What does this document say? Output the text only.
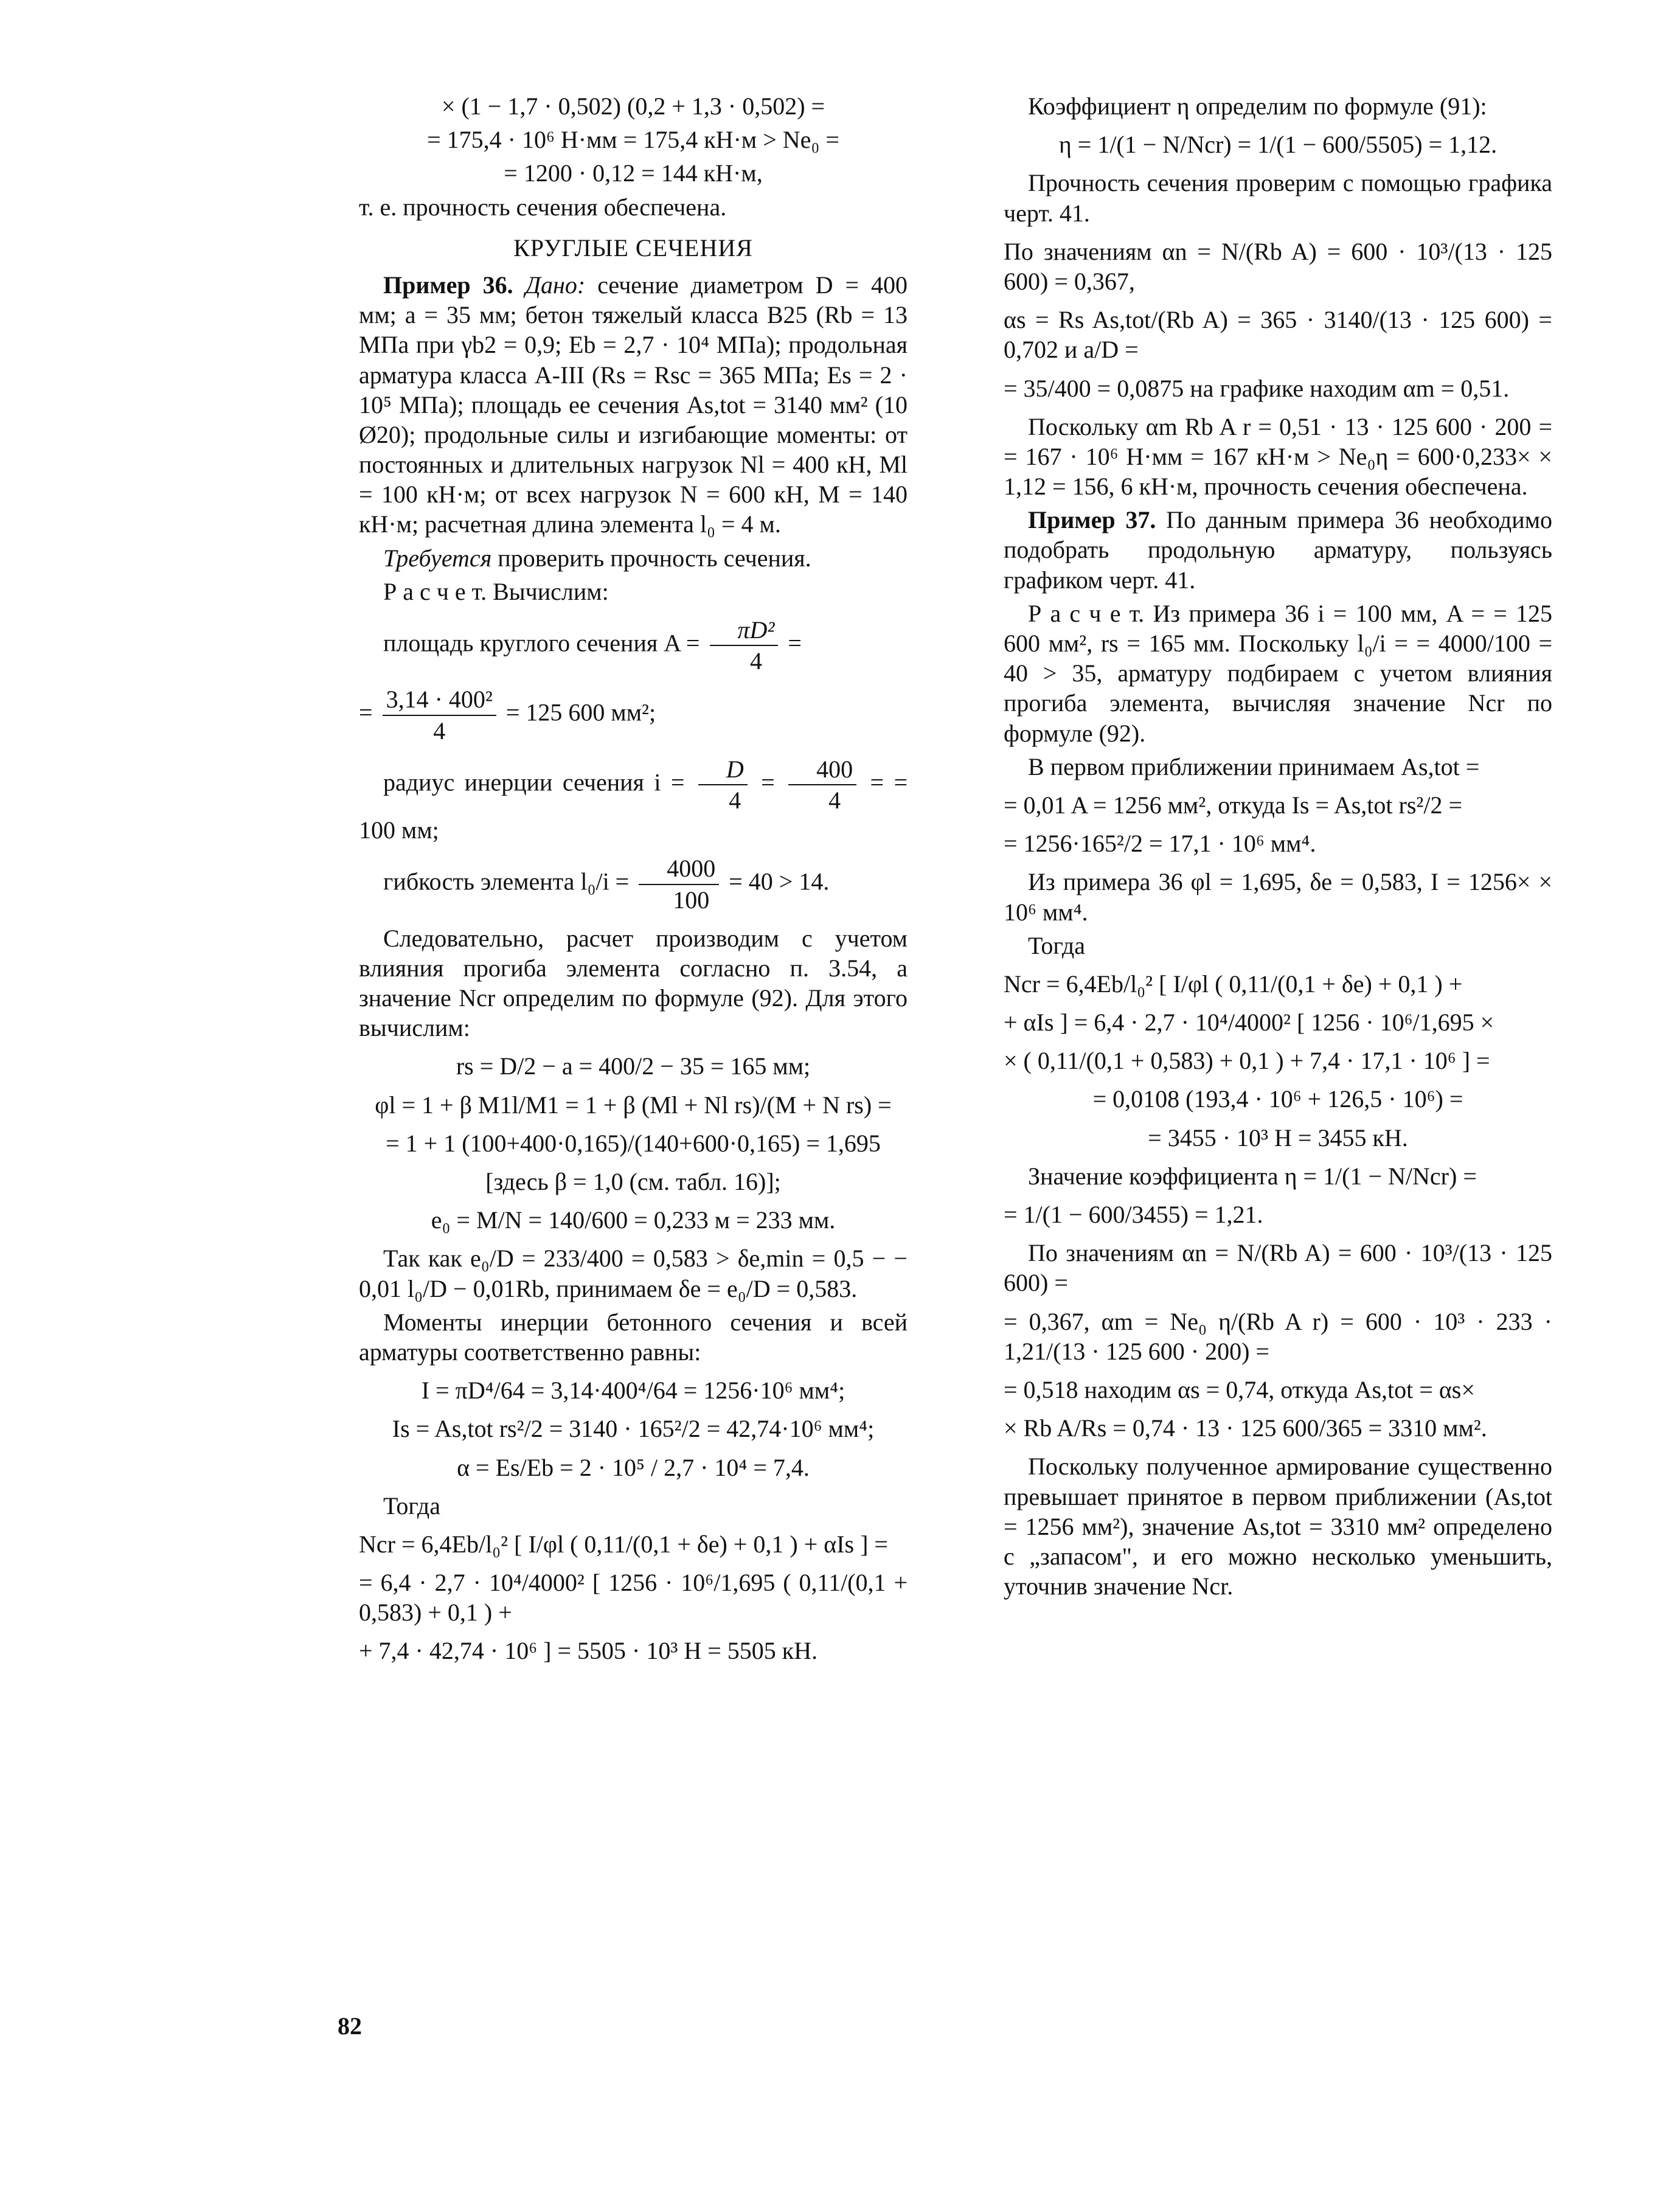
× (1 − 1,7 · 0,502) (0,2 + 1,3 · 0,502) =

= 175,4 · 10⁶ Н·мм = 175,4 кН·м > Ne₀ =

= 1200 · 0,12 = 144 кН·м,

т. е. прочность сечения обеспечена.

КРУГЛЫЕ СЕЧЕНИЯ

Пример 36. Дано: сечение диаметром D = 400 мм; a = 35 мм; бетон тяжелый класса В25 (Rb = 13 МПа при γb2 = 0,9; Eb = 2,7 · 10⁴ МПа); продольная арматура класса А-III (Rs = Rsc = 365 МПа; Es = 2 · 10⁵ МПа); площадь ее сечения As,tot = 3140 мм² (10 Ø20); продольные силы и изгибающие моменты: от постоянных и длительных нагрузок Nl = 400 кН, Ml = 100 кН·м; от всех нагрузок N = 600 кН, M = 140 кН·м; расчетная длина элемента l₀ = 4 м.

Требуется проверить прочность сечения.

Р а с ч е т. Вычислим:

площадь круглого сечения $A = \frac{\text{πD²}}{4}$ =

= $\frac{\text{3,14 · 400²}}{4} = 125$ 600 мм²;

радиус инерции сечения $i = \frac{D}{4} = \frac{400}{4}$ = = 100 мм;

гибкость элемента $l_0/i = \frac{4000}{100} = 40 > 14$.

Следовательно, расчет производим с учетом влияния прогиба элемента согласно п. 3.54, а значение Ncr определим по формуле (92). Для этого вычислим:

rs = D/2 − a = 400/2 − 35 = 165 мм;

φl = 1 + β M1l/M1 = 1 + β (Ml + Nl rs)/(M + N rs) =

= 1 + 1 (100+400·0,165)/(140+600·0,165) = 1,695

[здесь β = 1,0 (см. табл. 16)];

e₀ = M/N = 140/600 = 0,233 м = 233 мм.

Так как e₀/D = 233/400 = 0,583 > δe,min = 0,5 − − 0,01 l₀/D − 0,01Rb, принимаем δe = e₀/D = 0,583.

Моменты инерции бетонного сечения и всей арматуры соответственно равны:

I = πD⁴/64 = 3,14·400⁴/64 = 1256·10⁶ мм⁴;

Is = As,tot rs²/2 = 3140 · 165²/2 = 42,74·10⁶ мм⁴;

α = Es/Eb = 2 · 10⁵ / 2,7 · 10⁴ = 7,4.

Тогда

Ncr = 6,4Eb/l₀² [ I/φl ( 0,11/(0,1 + δe) + 0,1 ) + αIs ] =

= 6,4 · 2,7 · 10⁴/4000² [ 1256 · 10⁶/1,695 ( 0,11/(0,1 + 0,583) + 0,1 ) +

+ 7,4 · 42,74 · 10⁶ ] = 5505 · 10³ Н = 5505 кН.

Коэффициент η определим по формуле (91):

η = 1/(1 − N/Ncr) = 1/(1 − 600/5505) = 1,12.

Прочность сечения проверим с помощью графика черт. 41.

По значениям αn = N/(Rb A) = 600 · 10³/(13 · 125 600) = 0,367,

αs = Rs As,tot/(Rb A) = 365 · 3140/(13 · 125 600) = 0,702 и a/D =

= 35/400 = 0,0875 на графике находим αm = 0,51.

Поскольку αm Rb A r = 0,51 · 13 · 125 600 · 200 = = 167 · 10⁶ Н·мм = 167 кН·м > Ne₀η = 600·0,233× × 1,12 = 156, 6 кН·м, прочность сечения обеспечена.

Пример 37. По данным примера 36 необходимо подобрать продольную арматуру, пользуясь графиком черт. 41.

Р а с ч е т. Из примера 36 i = 100 мм, A = = 125 600 мм², rs = 165 мм. Поскольку l₀/i = = 4000/100 = 40 > 35, арматуру подбираем с учетом влияния прогиба элемента, вычисляя значение Ncr по формуле (92).

В первом приближении принимаем As,tot =

= 0,01 A = 1256 мм², откуда Is = As,tot rs²/2 =

= 1256·165²/2 = 17,1 · 10⁶ мм⁴.

Из примера 36 φl = 1,695, δe = 0,583, I = 1256× × 10⁶ мм⁴.

Тогда

Ncr = 6,4Eb/l₀² [ I/φl ( 0,11/(0,1 + δe) + 0,1 ) +

+ αIs ] = 6,4 · 2,7 · 10⁴/4000² [ 1256 · 10⁶/1,695 ×

× ( 0,11/(0,1 + 0,583) + 0,1 ) + 7,4 · 17,1 · 10⁶ ] =

= 0,0108 (193,4 · 10⁶ + 126,5 · 10⁶) =

= 3455 · 10³ Н = 3455 кН.

Значение коэффициента η = 1/(1 − N/Ncr) =

= 1/(1 − 600/3455) = 1,21.

По значениям αn = N/(Rb A) = 600 · 10³/(13 · 125 600) =

= 0,367, αm = Ne₀ η/(Rb A r) = 600 · 10³ · 233 · 1,21/(13 · 125 600 · 200) =

= 0,518 находим αs = 0,74, откуда As,tot = αs×

× Rb A/Rs = 0,74 · 13 · 125 600/365 = 3310 мм².

Поскольку полученное армирование существенно превышает принятое в первом приближении (As,tot = 1256 мм²), значение As,tot = 3310 мм² определено с „запасом", и его можно несколько уменьшить, уточнив значение Ncr.

82
